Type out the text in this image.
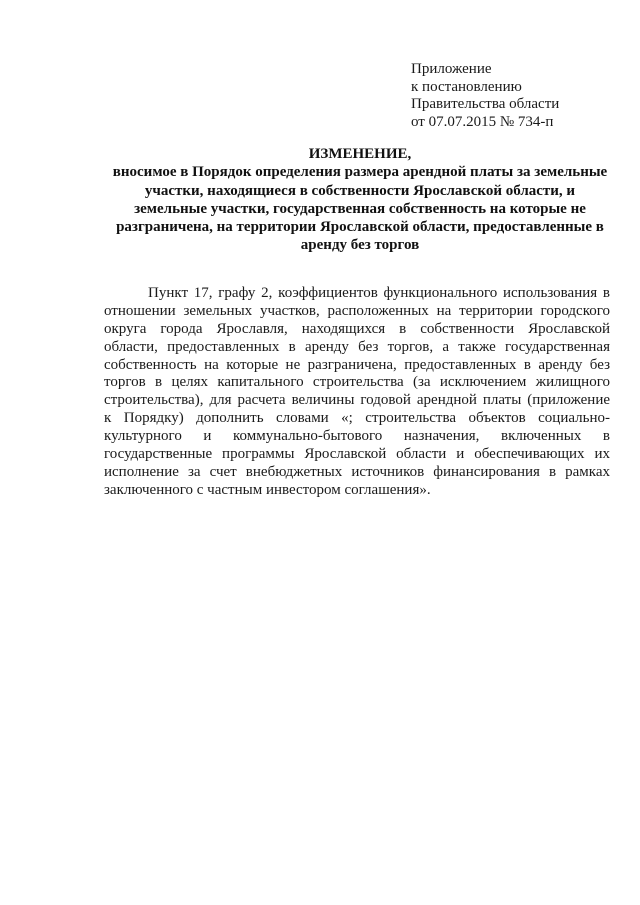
Приложение
к постановлению
Правительства области
от 07.07.2015 № 734-п
ИЗМЕНЕНИЕ,
вносимое в Порядок определения размера арендной платы за земельные
участки, находящиеся в собственности Ярославской области, и
земельные участки, государственная собственность на которые не
разграничена, на территории Ярославской области, предоставленные в
аренду без торгов
Пункт 17, графу 2, коэффициентов функционального использования в
отношении земельных участков, расположенных на территории городского
округа города Ярославля, находящихся в собственности Ярославской
области, предоставленных в аренду без торгов, а также государственная
собственность на которые не разграничена, предоставленных в аренду без
торгов в целях капитального строительства (за исключением жилищного
строительства), для расчета величины годовой арендной платы (приложение
к Порядку) дополнить словами «; строительства объектов социально-
культурного и коммунально-бытового назначения, включенных в
государственные программы Ярославской области и обеспечивающих их
исполнение за счет внебюджетных источников финансирования в рамках
заключенного с частным инвестором соглашения».
